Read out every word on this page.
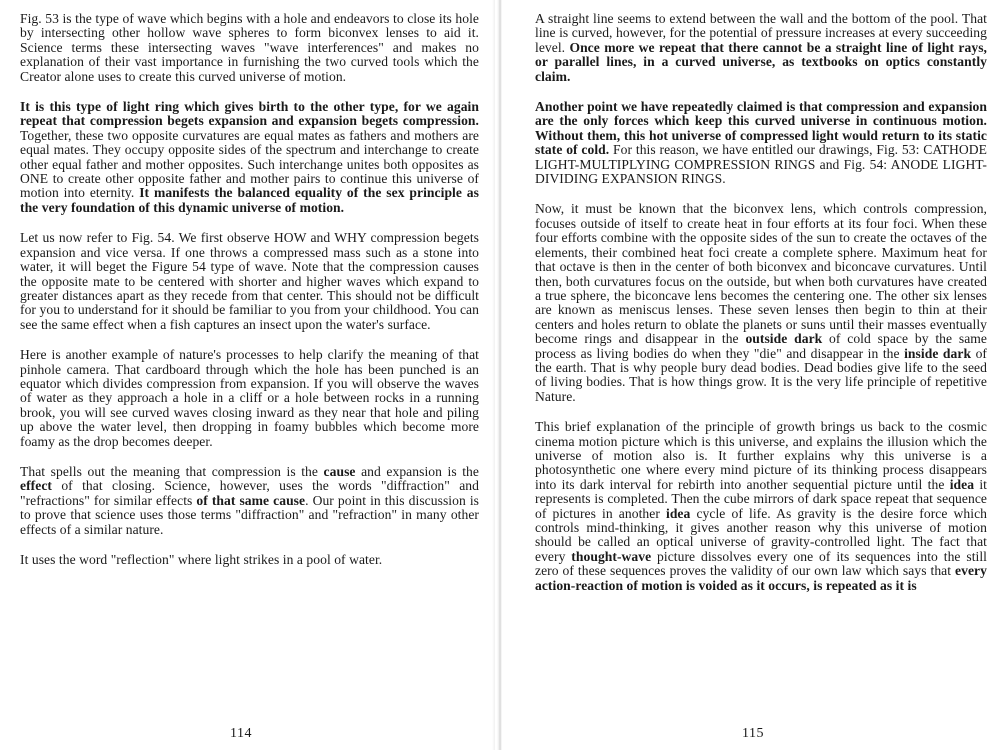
Fig. 53 is the type of wave which begins with a hole and endeavors to close its hole by intersecting other hollow wave spheres to form biconvex lenses to aid it. Science terms these intersecting waves "wave interferences" and makes no explanation of their vast importance in furnishing the two curved tools which the Creator alone uses to create this curved universe of motion.

It is this type of light ring which gives birth to the other type, for we again repeat that compression begets expansion and expansion begets compression. Together, these two opposite curvatures are equal mates as fathers and mothers are equal mates. They occupy opposite sides of the spectrum and interchange to create other equal father and mother opposites. Such interchange unites both opposites as ONE to create other opposite father and mother pairs to continue this universe of motion into eternity. It manifests the balanced equality of the sex principle as the very foundation of this dynamic universe of motion.

Let us now refer to Fig. 54. We first observe HOW and WHY compression begets expansion and vice versa. If one throws a compressed mass such as a stone into water, it will beget the Figure 54 type of wave. Note that the compression causes the opposite mate to be centered with shorter and higher waves which expand to greater distances apart as they recede from that center. This should not be difficult for you to understand for it should be familiar to you from your childhood. You can see the same effect when a fish captures an insect upon the water's surface.

Here is another example of nature's processes to help clarify the meaning of that pinhole camera. That cardboard through which the hole has been punched is an equator which divides compression from expansion. If you will observe the waves of water as they approach a hole in a cliff or a hole between rocks in a running brook, you will see curved waves closing inward as they near that hole and piling up above the water level, then dropping in foamy bubbles which become more foamy as the drop becomes deeper.

That spells out the meaning that compression is the cause and expansion is the effect of that closing. Science, however, uses the words "diffraction" and "refractions" for similar effects of that same cause. Our point in this discussion is to prove that science uses those terms "diffraction" and "refraction" in many other effects of a similar nature.

It uses the word "reflection" where light strikes in a pool of water.

114

A straight line seems to extend between the wall and the bottom of the pool. That line is curved, however, for the potential of pressure increases at every succeeding level. Once more we repeat that there cannot be a straight line of light rays, or parallel lines, in a curved universe, as textbooks on optics constantly claim.

Another point we have repeatedly claimed is that compression and expansion are the only forces which keep this curved universe in continuous motion. Without them, this hot universe of compressed light would return to its static state of cold. For this reason, we have entitled our drawings, Fig. 53: CATHODE LIGHT-MULTIPLYING COMPRESSION RINGS and Fig. 54: ANODE LIGHT-DIVIDING EXPANSION RINGS.

Now, it must be known that the biconvex lens, which controls compression, focuses outside of itself to create heat in four efforts at its four foci. When these four efforts combine with the opposite sides of the sun to create the octaves of the elements, their combined heat foci create a complete sphere. Maximum heat for that octave is then in the center of both biconvex and biconcave curvatures. Until then, both curvatures focus on the outside, but when both curvatures have created a true sphere, the biconcave lens becomes the centering one. The other six lenses are known as meniscus lenses. These seven lenses then begin to thin at their centers and holes return to oblate the planets or suns until their masses eventually become rings and disappear in the outside dark of cold space by the same process as living bodies do when they "die" and disappear in the inside dark of the earth. That is why people bury dead bodies. Dead bodies give life to the seed of living bodies. That is how things grow. It is the very life principle of repetitive Nature.

This brief explanation of the principle of growth brings us back to the cosmic cinema motion picture which is this universe, and explains the illusion which the universe of motion also is. It further explains why this universe is a photosynthetic one where every mind picture of its thinking process disappears into its dark interval for rebirth into another sequential picture until the idea it represents is completed. Then the cube mirrors of dark space repeat that sequence of pictures in another idea cycle of life. As gravity is the desire force which controls mind-thinking, it gives another reason why this universe of motion should be called an optical universe of gravity-controlled light. The fact that every thought-wave picture dissolves every one of its sequences into the still zero of these sequences proves the validity of our own law which says that every action-reaction of motion is voided as it occurs, is repeated as it is

115
